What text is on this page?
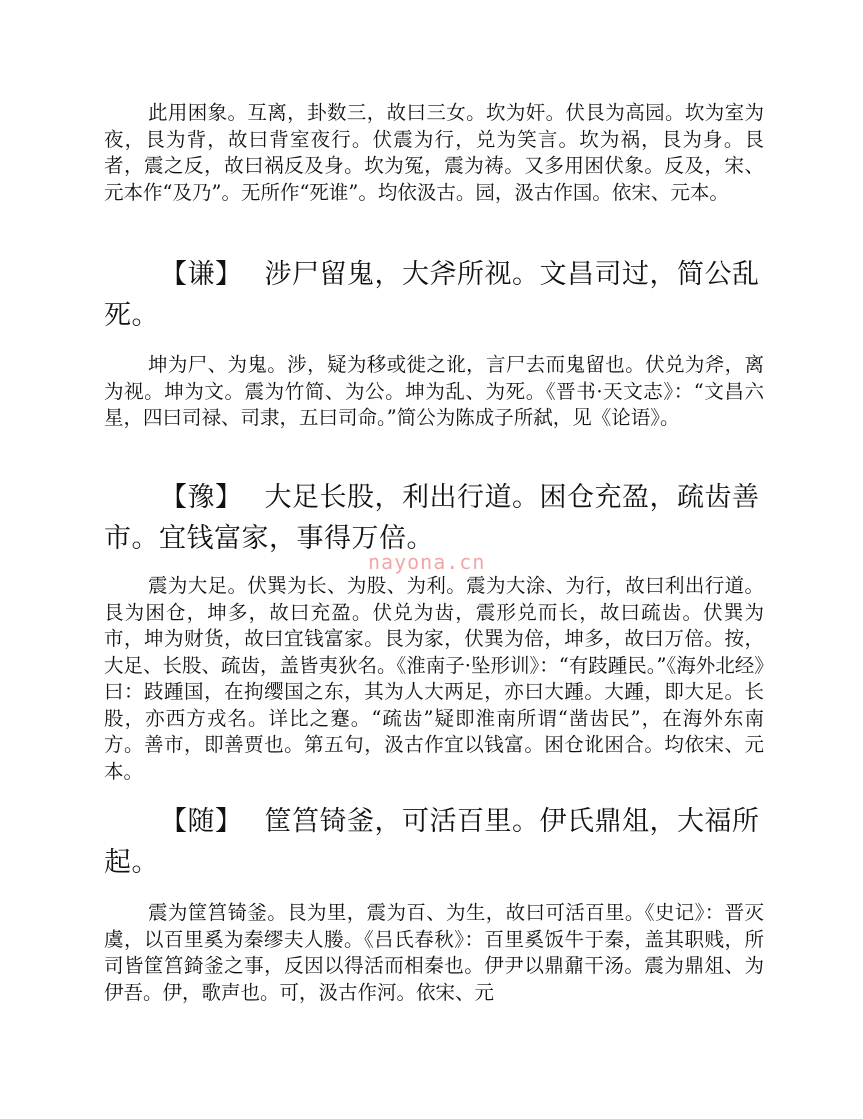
此用困象。互离，卦数三，故曰三女。坎为奸。伏艮为高园。坎为室为夜，艮为背，故曰背室夜行。伏震为行，兑为笑言。坎为祸，艮为身。艮者，震之反，故曰祸反及身。坎为冤，震为祷。又多用困伏象。反及，宋、元本作“及乃”。无所作“死谁”。均依汲古。园，汲古作国。依宋、元本。

【谦】 涉尸留鬼，大斧所视。文昌司过，简公乱死。

坤为尸、为鬼。涉，疑为移或徙之讹，言尸去而鬼留也。伏兑为斧，离为视。坤为文。震为竹简、为公。坤为乱、为死。《晋书·天文志》：“文昌六星，四曰司禄、司隶，五曰司命。”简公为陈成子所弑，见《论语》。

【豫】 大足长股，利出行道。困仓充盈，疏齿善市。宜钱富家，事得万倍。

nayona.cn

震为大足。伏巽为长、为股、为利。震为大涂、为行，故曰利出行道。艮为困仓，坤多，故曰充盈。伏兑为齿，震形兑而长，故曰疏齿。伏巽为市，坤为财货，故曰宜钱富家。艮为家，伏巽为倍，坤多，故曰万倍。按，大足、长股、疏齿，盖皆夷狄名。《淮南子·坠形训》：“有跂踵民。”《海外北经》曰：跂踵国，在拘缨国之东，其为人大两足，亦曰大踵。大踵，即大足。长股，亦西方戎名。详比之蹇。“疏齿”疑即淮南所谓“凿齿民”，在海外东南方。善市，即善贾也。第五句，汲古作宜以钱富。困仓讹困合。均依宋、元本。

【随】 筐筥锜釜，可活百里。伊氏鼎俎，大福所起。

震为筐筥锜釜。艮为里，震为百、为生，故曰可活百里。《史记》：晋灭虞，以百里奚为秦缪夫人媵。《吕氏春秋》：百里奚饭牛于秦，盖其职贱，所司皆筐筥錡釜之事，反因以得活而相秦也。伊尹以鼎鼐干汤。震为鼎俎、为伊吾。伊，歌声也。可，汲古作河。依宋、元
